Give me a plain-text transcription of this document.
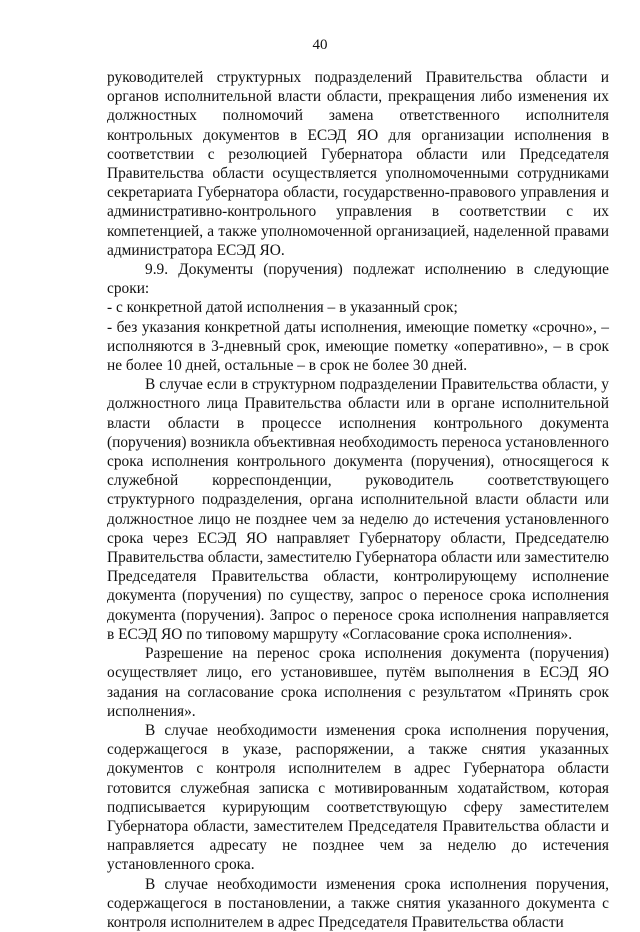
40
руководителей структурных подразделений Правительства области и органов исполнительной власти области, прекращения либо изменения их должностных полномочий замена ответственного исполнителя контрольных документов в ЕСЭД ЯО для организации исполнения в соответствии с резолюцией Губернатора области или Председателя Правительства области осуществляется уполномоченными сотрудниками секретариата Губернатора области, государственно-правового управления и административно-контрольного управления в соответствии с их компетенцией, а также уполномоченной организацией, наделенной правами администратора ЕСЭД ЯО.
9.9. Документы (поручения) подлежат исполнению в следующие сроки:
- с конкретной датой исполнения – в указанный срок;
- без указания конкретной даты исполнения, имеющие пометку «срочно», – исполняются в 3-дневный срок, имеющие пометку «оперативно», – в срок не более 10 дней, остальные – в срок не более 30 дней.
В случае если в структурном подразделении Правительства области, у должностного лица Правительства области или в органе исполнительной власти области в процессе исполнения контрольного документа (поручения) возникла объективная необходимость переноса установленного срока исполнения контрольного документа (поручения), относящегося к служебной корреспонденции, руководитель соответствующего структурного подразделения, органа исполнительной власти области или должностное лицо не позднее чем за неделю до истечения установленного срока через ЕСЭД ЯО направляет Губернатору области, Председателю Правительства области, заместителю Губернатора области или заместителю Председателя Правительства области, контролирующему исполнение документа (поручения) по существу, запрос о переносе срока исполнения документа (поручения). Запрос о переносе срока исполнения направляется в ЕСЭД ЯО по типовому маршруту «Согласование срока исполнения».
Разрешение на перенос срока исполнения документа (поручения) осуществляет лицо, его установившее, путём выполнения в ЕСЭД ЯО задания на согласование срока исполнения с результатом «Принять срок исполнения».
В случае необходимости изменения срока исполнения поручения, содержащегося в указе, распоряжении, а также снятия указанных документов с контроля исполнителем в адрес Губернатора области готовится служебная записка с мотивированным ходатайством, которая подписывается курирующим соответствующую сферу заместителем Губернатора области, заместителем Председателя Правительства области и направляется адресату не позднее чем за неделю до истечения установленного срока.
В случае необходимости изменения срока исполнения поручения, содержащегося в постановлении, а также снятия указанного документа с контроля исполнителем в адрес Председателя Правительства области
